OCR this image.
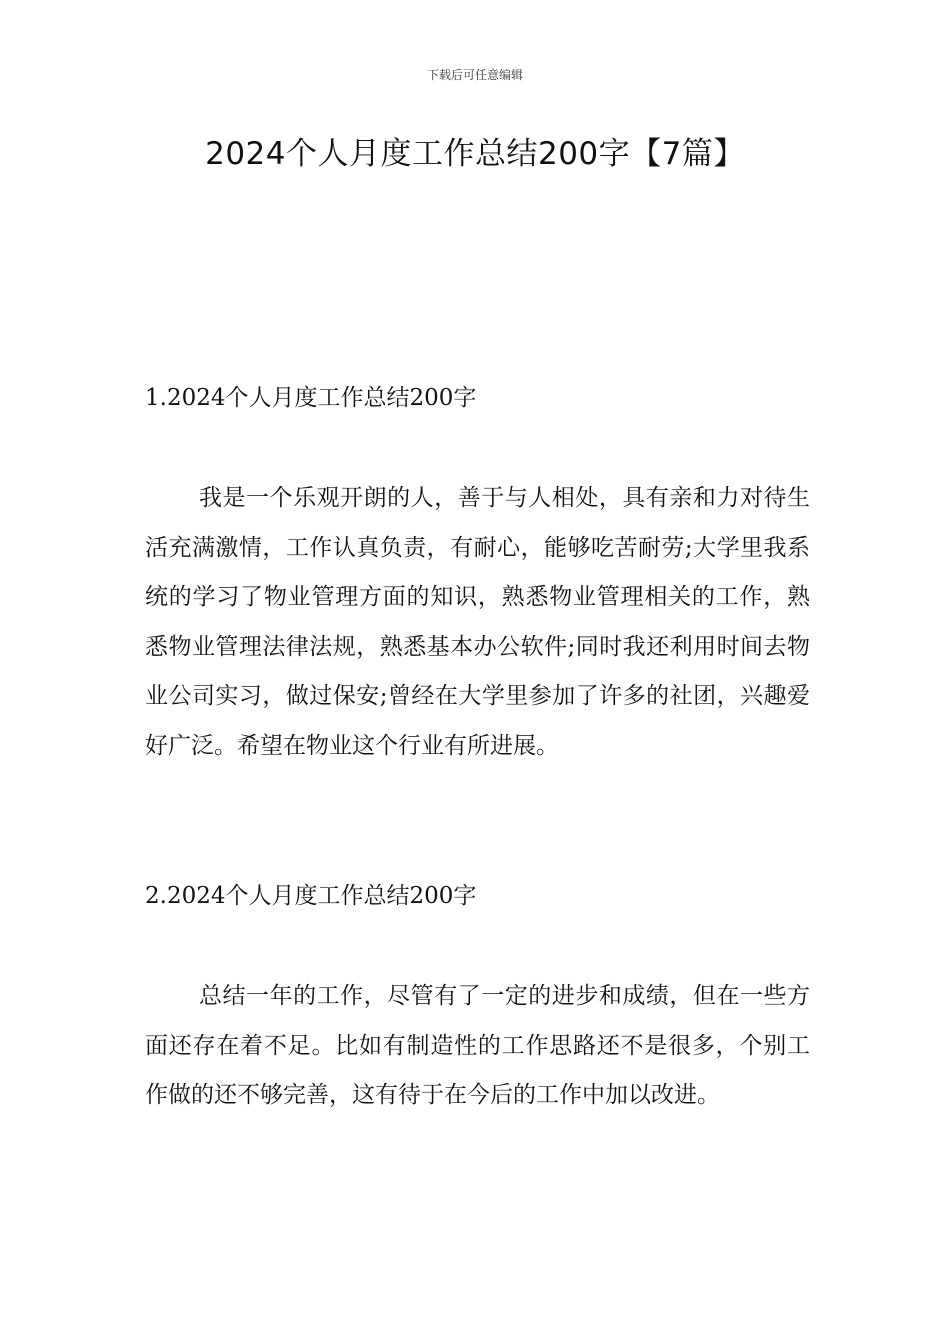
下载后可任意编辑
2024个人月度工作总结200字【7篇】
1.2024个人月度工作总结200字
我是一个乐观开朗的人，善于与人相处，具有亲和力对待生活充满激情，工作认真负责，有耐心，能够吃苦耐劳;大学里我系统的学习了物业管理方面的知识，熟悉物业管理相关的工作，熟悉物业管理法律法规，熟悉基本办公软件;同时我还利用时间去物业公司实习，做过保安;曾经在大学里参加了许多的社团，兴趣爱好广泛。希望在物业这个行业有所进展。
2.2024个人月度工作总结200字
总结一年的工作，尽管有了一定的进步和成绩，但在一些方面还存在着不足。比如有制造性的工作思路还不是很多，个别工作做的还不够完善，这有待于在今后的工作中加以改进。
